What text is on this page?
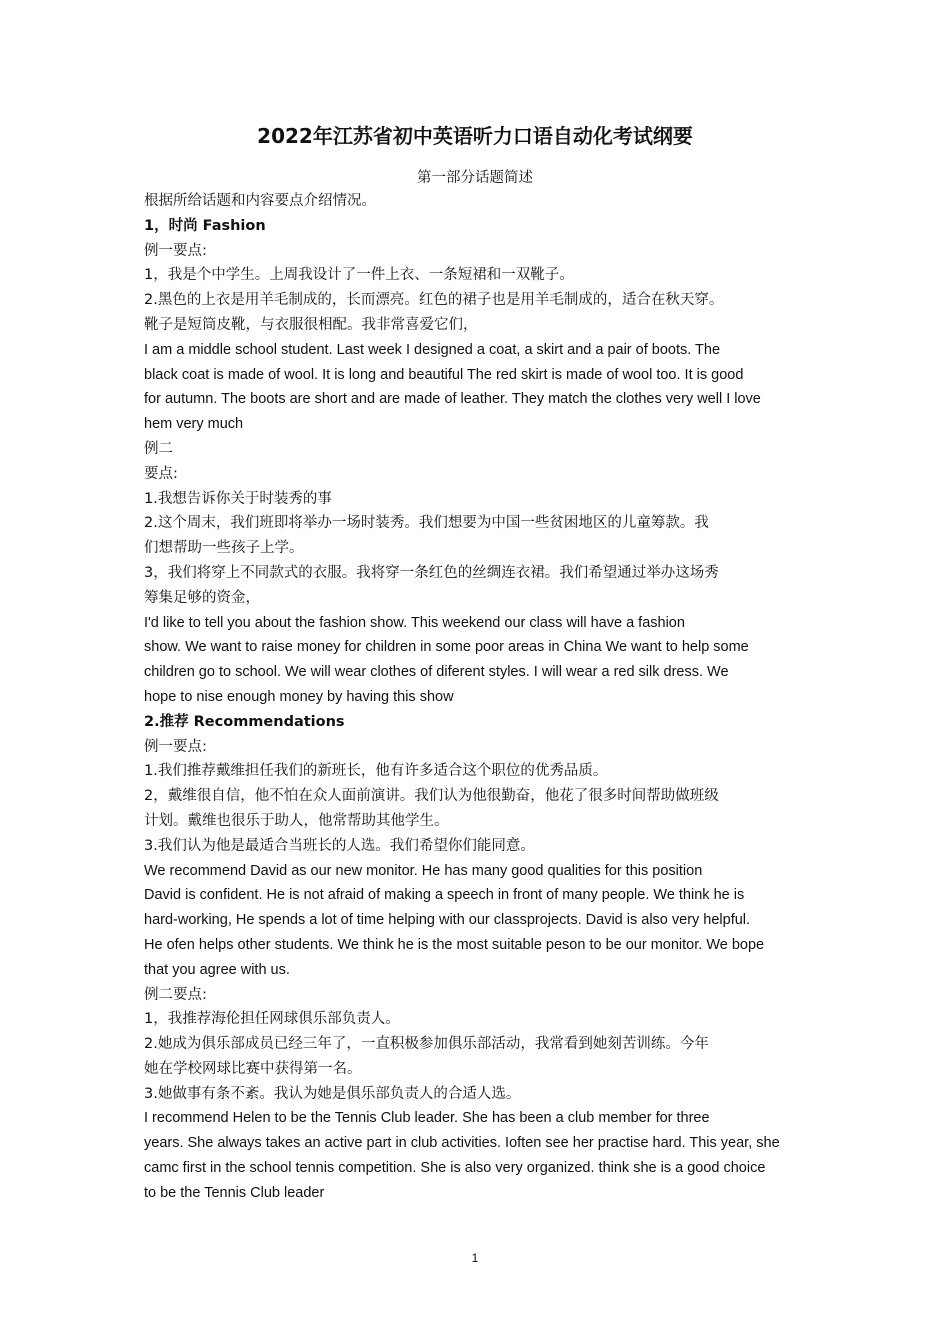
2022年江苏省初中英语听力口语自动化考试纲要
第一部分话题简述
根据所给话题和内容要点介绍情况。
1，时尚 Fashion
例一要点:
1，我是个中学生。上周我设计了一件上衣、一条短裙和一双靴子。
2.黑色的上衣是用羊毛制成的，长而漂亮。红色的裙子也是用羊毛制成的，适合在秋天穿。
靴子是短筒皮靴，与衣服很相配。我非常喜爱它们，
I am a middle school student. Last week I designed a coat, a skirt and a pair of boots. The
black coat is made of wool. It is long and beautiful The red skirt is made of wool too. It is good
for autumn. The boots are short and are made of leather. They match the clothes very well I love
hem very much
例二
要点:
1.我想告诉你关于时装秀的事
2.这个周末，我们班即将举办一场时装秀。我们想要为中国一些贫困地区的儿童筹款。我
们想帮助一些孩子上学。
3，我们将穿上不同款式的衣服。我将穿一条红色的丝绸连衣裙。我们希望通过举办这场秀
筹集足够的资金，
I'd like to tell you about the fashion show. This weekend our class will have a fashion
show. We want to raise money for children in some poor areas in China We want to help some
children go to school. We will wear clothes of diferent styles. I will wear a red silk dress. We
hope to nise enough money by having this show
2.推荐 Recommendations
例一要点:
1.我们推荐戴维担任我们的新班长，他有许多适合这个职位的优秀品质。
2，戴维很自信，他不怕在众人面前演讲。我们认为他很勤奋，他花了很多时间帮助做班级
计划。戴维也很乐于助人，他常帮助其他学生。
3.我们认为他是最适合当班长的人选。我们希望你们能同意。
We recommend David as our new monitor. He has many good qualities for this position
David is confident. He is not afraid of making a speech in front of many people. We think he is
hard-working, He spends a lot of time helping with our classprojects. David is also very helpful.
He ofen helps other students. We think he is the most suitable peson to be our monitor. We bope
that you agree with us.
例二要点:
1，我推荐海伦担任网球俱乐部负责人。
2.她成为俱乐部成员已经三年了，一直积极参加俱乐部活动，我常看到她刻苦训练。今年
她在学校网球比赛中获得第一名。
3.她做事有条不紊。我认为她是俱乐部负责人的合适人选。
I recommend Helen to be the Tennis Club leader. She has been a club member for three
years. She always takes an active part in club activities. Ioften see her practise hard. This year, she
camc first in the school tennis competition. She is also very organized. think she is a good choice
to be the Tennis Club leader
1
